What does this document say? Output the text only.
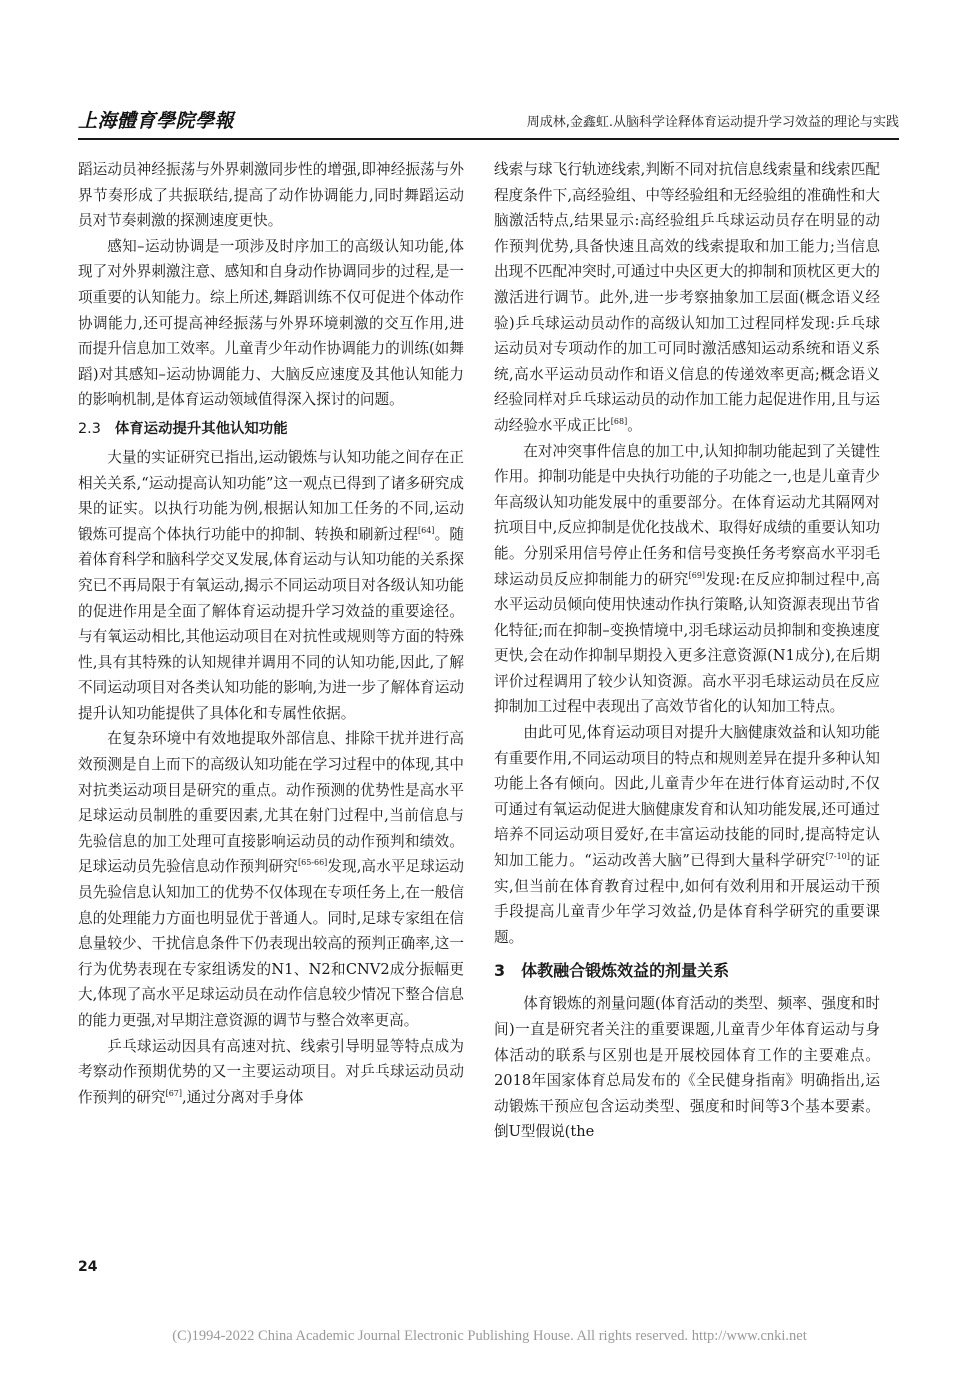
上海體育學院學報	周成林,金鑫虹.从脑科学诠释体育运动提升学习效益的理论与实践

蹈运动员神经振荡与外界刺激同步性的增强,即神经振荡与外界节奏形成了共振联结,提高了动作协调能力,同时舞蹈运动员对节奏刺激的探测速度更快。

感知–运动协调是一项涉及时序加工的高级认知功能,体现了对外界刺激注意、感知和自身动作协调同步的过程,是一项重要的认知能力。综上所述,舞蹈训练不仅可促进个体动作协调能力,还可提高神经振荡与外界环境刺激的交互作用,进而提升信息加工效率。儿童青少年动作协调能力的训练(如舞蹈)对其感知–运动协调能力、大脑反应速度及其他认知能力的影响机制,是体育运动领域值得深入探讨的问题。

2.3 体育运动提升其他认知功能

大量的实证研究已指出,运动锻炼与认知功能之间存在正相关关系,“运动提高认知功能”这一观点已得到了诸多研究成果的证实。以执行功能为例,根据认知加工任务的不同,运动锻炼可提高个体执行功能中的抑制、转换和刷新过程[64]。随着体育科学和脑科学交叉发展,体育运动与认知功能的关系探究已不再局限于有氧运动,揭示不同运动项目对各级认知功能的促进作用是全面了解体育运动提升学习效益的重要途径。与有氧运动相比,其他运动项目在对抗性或规则等方面的特殊性,具有其特殊的认知规律并调用不同的认知功能,因此,了解不同运动项目对各类认知功能的影响,为进一步了解体育运动提升认知功能提供了具体化和专属性依据。

在复杂环境中有效地提取外部信息、排除干扰并进行高效预测是自上而下的高级认知功能在学习过程中的体现,其中对抗类运动项目是研究的重点。动作预测的优势性是高水平足球运动员制胜的重要因素,尤其在射门过程中,当前信息与先验信息的加工处理可直接影响运动员的动作预判和绩效。足球运动员先验信息动作预判研究[65-66]发现,高水平足球运动员先验信息认知加工的优势不仅体现在专项任务上,在一般信息的处理能力方面也明显优于普通人。同时,足球专家组在信息量较少、干扰信息条件下仍表现出较高的预判正确率,这一行为优势表现在专家组诱发的N1、N2和CNV2成分振幅更大,体现了高水平足球运动员在动作信息较少情况下整合信息的能力更强,对早期注意资源的调节与整合效率更高。

乒乓球运动因具有高速对抗、线索引导明显等特点成为考察动作预期优势的又一主要运动项目。对乒乓球运动员动作预判的研究[67],通过分离对手身体

线索与球飞行轨迹线索,判断不同对抗信息线索量和线索匹配程度条件下,高经验组、中等经验组和无经验组的准确性和大脑激活特点,结果显示:高经验组乒乓球运动员存在明显的动作预判优势,具备快速且高效的线索提取和加工能力;当信息出现不匹配冲突时,可通过中央区更大的抑制和顶枕区更大的激活进行调节。此外,进一步考察抽象加工层面(概念语义经验)乒乓球运动员动作的高级认知加工过程同样发现:乒乓球运动员对专项动作的加工可同时激活感知运动系统和语义系统,高水平运动员动作和语义信息的传递效率更高;概念语义经验同样对乒乓球运动员的动作加工能力起促进作用,且与运动经验水平成正比[68]。

在对冲突事件信息的加工中,认知抑制功能起到了关键性作用。抑制功能是中央执行功能的子功能之一,也是儿童青少年高级认知功能发展中的重要部分。在体育运动尤其隔网对抗项目中,反应抑制是优化技战术、取得好成绩的重要认知功能。分别采用信号停止任务和信号变换任务考察高水平羽毛球运动员反应抑制能力的研究[69]发现:在反应抑制过程中,高水平运动员倾向使用快速动作执行策略,认知资源表现出节省化特征;而在抑制–变换情境中,羽毛球运动员抑制和变换速度更快,会在动作抑制早期投入更多注意资源(N1成分),在后期评价过程调用了较少认知资源。高水平羽毛球运动员在反应抑制加工过程中表现出了高效节省化的认知加工特点。

由此可见,体育运动项目对提升大脑健康效益和认知功能有重要作用,不同运动项目的特点和规则差异在提升多种认知功能上各有倾向。因此,儿童青少年在进行体育运动时,不仅可通过有氧运动促进大脑健康发育和认知功能发展,还可通过培养不同运动项目爱好,在丰富运动技能的同时,提高特定认知加工能力。“运动改善大脑”已得到大量科学研究[7-10]的证实,但当前在体育教育过程中,如何有效利用和开展运动干预手段提高儿童青少年学习效益,仍是体育科学研究的重要课题。

3 体教融合锻炼效益的剂量关系

体育锻炼的剂量问题(体育活动的类型、频率、强度和时间)一直是研究者关注的重要课题,儿童青少年体育运动与身体活动的联系与区别也是开展校园体育工作的主要难点。2018年国家体育总局发布的《全民健身指南》明确指出,运动锻炼干预应包含运动类型、强度和时间等3个基本要素。倒U型假说(the

24
(C)1994-2022 China Academic Journal Electronic Publishing House. All rights reserved. http://www.cnki.net
